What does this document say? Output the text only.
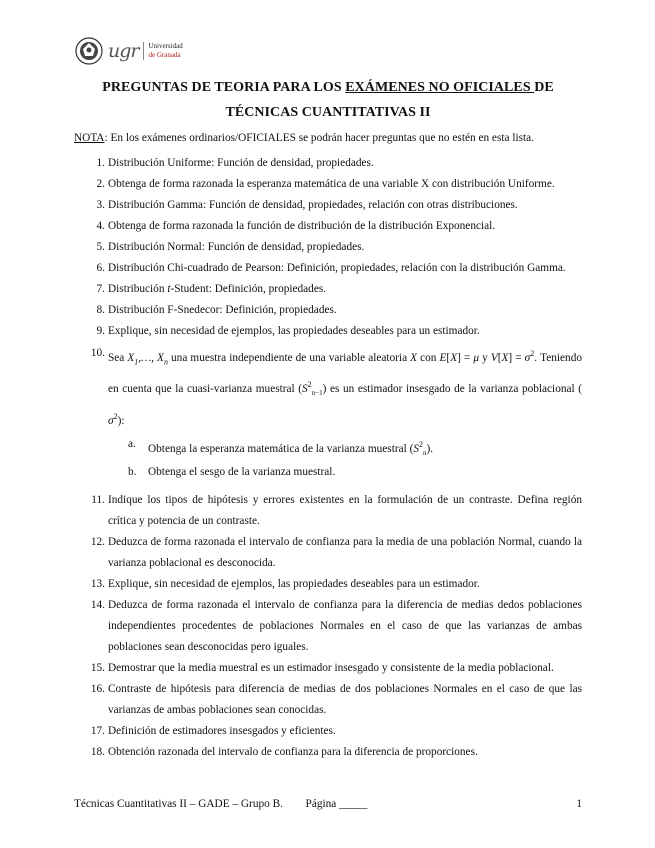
ugr Universidad
de Granada
PREGUNTAS DE TEORIA PARA LOS EXÁMENES NO OFICIALES DE
TÉCNICAS CUANTITATIVAS II
NOTA: En los exámenes ordinarios/OFICIALES se podrán hacer preguntas que no estén en esta lista.
1. Distribución Uniforme: Función de densidad, propiedades.
2. Obtenga de forma razonada la esperanza matemática de una variable X con distribución Uniforme.
3. Distribución Gamma: Función de densidad, propiedades, relación con otras distribuciones.
4. Obtenga de forma razonada la función de distribución de la distribución Exponencial.
5. Distribución Normal: Función de densidad, propiedades.
6. Distribución Chi-cuadrado de Pearson: Definición, propiedades, relación con la distribución Gamma.
7. Distribución t-Student: Definición, propiedades.
8. Distribución F-Snedecor: Definición, propiedades.
9. Explique, sin necesidad de ejemplos, las propiedades deseables para un estimador.
10. Sea $X_1,\dots$, $X_n$ una muestra independiente de una variable aleatoria X con E[X] = μ y $V[X] = \sigma^2$. Teniendo en cuenta que la cuasi-varianza muestral $(S^2_{n-1})$ es un estimador insesgado de la varianza poblacional ( $\sigma^2$):
a.	Obtenga la esperanza matemática de la varianza muestral $(S^2_n)$.
b.	Obtenga el sesgo de la varianza muestral.
11. Indique los tipos de hipótesis y errores existentes en la formulación de un contraste. Defina región crítica y potencia de un contraste.
12. Deduzca de forma razonada el intervalo de confianza para la media de una población Normal, cuando la varianza poblacional es desconocida.
13. Explique, sin necesidad de ejemplos, las propiedades deseables para un estimador.
14. Deduzca de forma razonada el intervalo de confianza para la diferencia de medias dedos poblaciones independientes procedentes de poblaciones Normales en el caso de que las varianzas de ambas poblaciones sean desconocidas pero iguales.
15. Demostrar que la media muestral es un estimador insesgado y consistente de la media poblacional.
16. Contraste de hipótesis para diferencia de medias de dos poblaciones Normales en el caso de que las varianzas de ambas poblaciones sean conocidas.
17. Definición de estimadores insesgados y eficientes.
18. Obtención razonada del intervalo de confianza para la diferencia de proporciones.
Técnicas Cuantitativas II – GADE – Grupo B.        Página _____	1
